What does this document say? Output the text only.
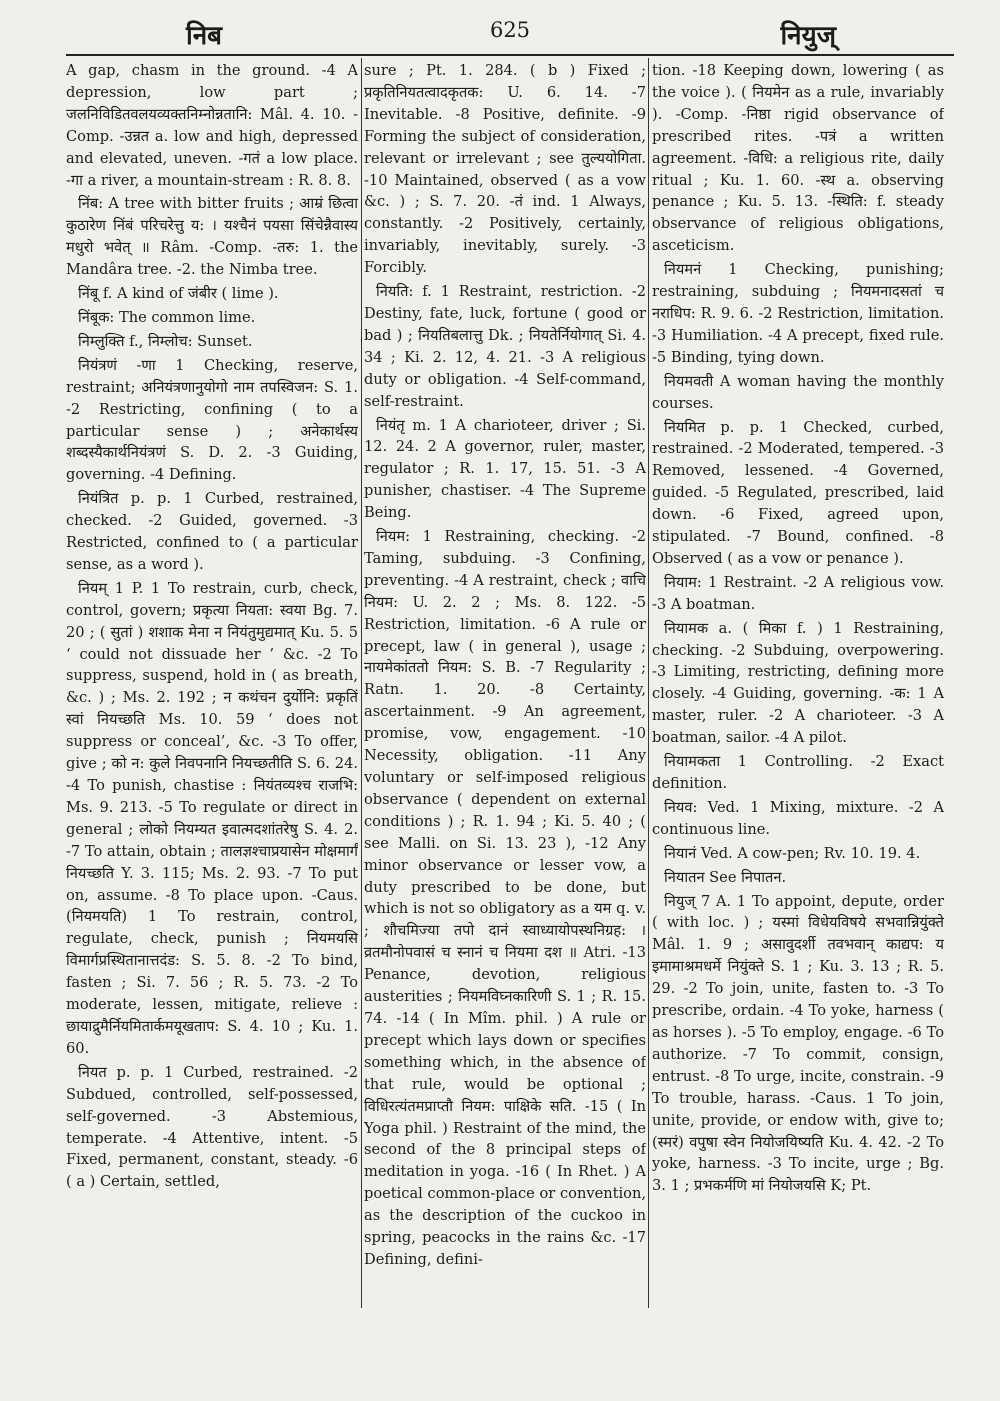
निब	625	नियुज्

A gap, chasm in the ground. -4 A depression, low part ; जलनिविडितवलयव्यक्तनिम्नोन्नतानि: Mâl. 4. 10. -Comp. -उन्नत a. low and high, depressed and elevated, uneven. -गतं a low place. -गा a river, a mountain-stream : R. 8. 8.

निंब: A tree with bitter fruits ; आम्रं छित्वा कुठारेण निंबं परिचरेत्तु य: । यश्चैनं पयसा सिंचेन्नैवास्य मधुरो भवेत् ॥ Râm. -Comp. -तरु: 1. the Mandâra tree. -2. the Nimba tree.

निंबू f. A kind of जंबीर ( lime ).

निंबूक: The common lime.

निम्लुक्ति f., निम्लोच: Sunset.

नियंत्रणं -णा 1 Checking, reserve, restraint; अनियंत्रणानुयोगो नाम तपस्विजन: S. 1. -2 Restricting, confining ( to a particular sense ) ; अनेकार्थस्य शब्दस्यैकार्थनियंत्रणं S. D. 2. -3 Guiding, governing. -4 Defining.

नियंत्रित p. p. 1 Curbed, restrained, checked. -2 Guided, governed. -3 Restricted, confined to ( a particular sense, as a word ).

नियम् 1 P. 1 To restrain, curb, check, control, govern; प्रकृत्या नियता: स्वया Bg. 7. 20 ; ( सुतां ) शशाक मेना न नियंतुमुद्यमात् Ku. 5. 5 ‘ could not dissuade her ’ &c. -2 To suppress, suspend, hold in ( as breath, &c. ) ; Ms. 2. 192 ; न कथंचन दुर्योनि: प्रकृतिं स्वां नियच्छति Ms. 10. 59 ‘ does not suppress or conceal’, &c. -3 To offer, give ; को न: कुले निवपनानि नियच्छतीति S. 6. 24. -4 To punish, chastise : नियंतव्यश्च राजभि: Ms. 9. 213. -5 To regulate or direct in general ; लोको नियम्यत इवात्मदशांतरेषु S. 4. 2. -7 To attain, obtain ; तालज्ञश्चाप्रयासेन मोक्षमार्गं नियच्छति Y. 3. 115; Ms. 2. 93. -7 To put on, assume. -8 To place upon. -Caus. (नियमयति) 1 To restrain, control, regulate, check, punish ; नियमयसि विमार्गप्रस्थितानात्तदंड: S. 5. 8. -2 To bind, fasten ; Si. 7. 56 ; R. 5. 73. -2 To moderate, lessen, mitigate, relieve : छायाद्रुमैर्नियमितार्कमयूखताप: S. 4. 10 ; Ku. 1. 60.

नियत p. p. 1 Curbed, restrained. -2 Subdued, controlled, self-possessed, self-governed. -3 Abstemious, temperate. -4 Attentive, intent. -5 Fixed, permanent, constant, steady. -6 ( a ) Certain, settled,

sure ; Pt. 1. 284. ( b ) Fixed ; प्रकृतिनियतत्वादकृतक: U. 6. 14. -7 Inevitable. -8 Positive, definite. -9 Forming the subject of consideration, relevant or irrelevant ; see तुल्ययोगिता. -10 Maintained, observed ( as a vow &c. ) ; S. 7. 20. -तं ind. 1 Always, constantly. -2 Positively, certainly, invariably, inevitably, surely. -3 Forcibly.

नियति: f. 1 Restraint, restriction. -2 Destiny, fate, luck, fortune ( good or bad ) ; नियतिबलात्तु Dk. ; नियतेर्नियोगात् Si. 4. 34 ; Ki. 2. 12, 4. 21. -3 A religious duty or obligation. -4 Self-command, self-restraint.

नियंतृ m. 1 A charioteer, driver ; Si. 12. 24. 2 A governor, ruler, master, regulator ; R. 1. 17, 15. 51. -3 A punisher, chastiser. -4 The Supreme Being.

नियम: 1 Restraining, checking. -2 Taming, subduing. -3 Confining, preventing. -4 A restraint, check ; वाचि नियम: U. 2. 2 ; Ms. 8. 122. -5 Restriction, limitation. -6 A rule or precept, law ( in general ), usage ; नायमेकांततो नियम: S. B. -7 Regularity ; Ratn. 1. 20. -8 Certainty, ascertainment. -9 An agreement, promise, vow, engagement. -10 Necessity, obligation. -11 Any voluntary or self-imposed religious observance ( dependent on external conditions ) ; R. 1. 94 ; Ki. 5. 40 ; ( see Malli. on Si. 13. 23 ), -12 Any minor observance or lesser vow, a duty prescribed to be done, but which is not so obligatory as a यम q. v. ; शौचमिज्या तपो दानं स्वाध्यायोपस्थनिग्रह: । व्रतमौनोपवासं च स्नानं च नियमा दश ॥ Atri. -13 Penance, devotion, religious austerities ; नियमविघ्नकारिणी S. 1 ; R. 15. 74. -14 ( In Mîm. phil. ) A rule or precept which lays down or specifies something which, in the absence of that rule, would be optional ; विधिरत्यंतमप्राप्तौ नियम: पाक्षिके सति. -15 ( In Yoga phil. ) Restraint of the mind, the second of the 8 principal steps of meditation in yoga. -16 ( In Rhet. ) A poetical common-place or convention, as the description of the cuckoo in spring, peacocks in the rains &c. -17 Defining, defini-

tion. -18 Keeping down, lowering ( as the voice ). ( नियमेन as a rule, invariably ). -Comp. -निष्ठा rigid observance of prescribed rites. -पत्रं a written agreement. -विधि: a religious rite, daily ritual ; Ku. 1. 60. -स्थ a. observing penance ; Ku. 5. 13. -स्थिति: f. steady observance of religious obligations, asceticism.

नियमनं 1 Checking, punishing; restraining, subduing ; नियमनादसतां च नराधिप: R. 9. 6. -2 Restriction, limitation. -3 Humiliation. -4 A precept, fixed rule. -5 Binding, tying down.

नियमवती A woman having the monthly courses.

नियमित p. p. 1 Checked, curbed, restrained. -2 Moderated, tempered. -3 Removed, lessened. -4 Governed, guided. -5 Regulated, prescribed, laid down. -6 Fixed, agreed upon, stipulated. -7 Bound, confined. -8 Observed ( as a vow or penance ).

नियाम: 1 Restraint. -2 A religious vow. -3 A boatman.

नियामक a. ( मिका f. ) 1 Restraining, checking. -2 Subduing, overpowering. -3 Limiting, restricting, defining more closely. -4 Guiding, governing. -क: 1 A master, ruler. -2 A charioteer. -3 A boatman, sailor. -4 A pilot.

नियामकता 1 Controlling. -2 Exact definition.

नियव: Ved. 1 Mixing, mixture. -2 A continuous line.

नियानं Ved. A cow-pen; Rv. 10. 19. 4.

नियातन See निपातन.

नियुज् 7 A. 1 To appoint, depute, order ( with loc. ) ; यस्मां विधेयविषये सभवान्नियुंक्ते Mâl. 1. 9 ; असावुदर्शी तवभवान् काद्यप: य इमामाश्रमधर्मे नियुंक्ते S. 1 ; Ku. 3. 13 ; R. 5. 29. -2 To join, unite, fasten to. -3 To prescribe, ordain. -4 To yoke, harness ( as horses ). -5 To employ, engage. -6 To authorize. -7 To commit, consign, entrust. -8 To urge, incite, constrain. -9 To trouble, harass. -Caus. 1 To join, unite, provide, or endow with, give to; (स्मरं) वपुषा स्वेन नियोजयिष्यति Ku. 4. 42. -2 To yoke, harness. -3 To incite, urge ; Bg. 3. 1 ; प्रभकर्मणि मां नियोजयसि K; Pt.
